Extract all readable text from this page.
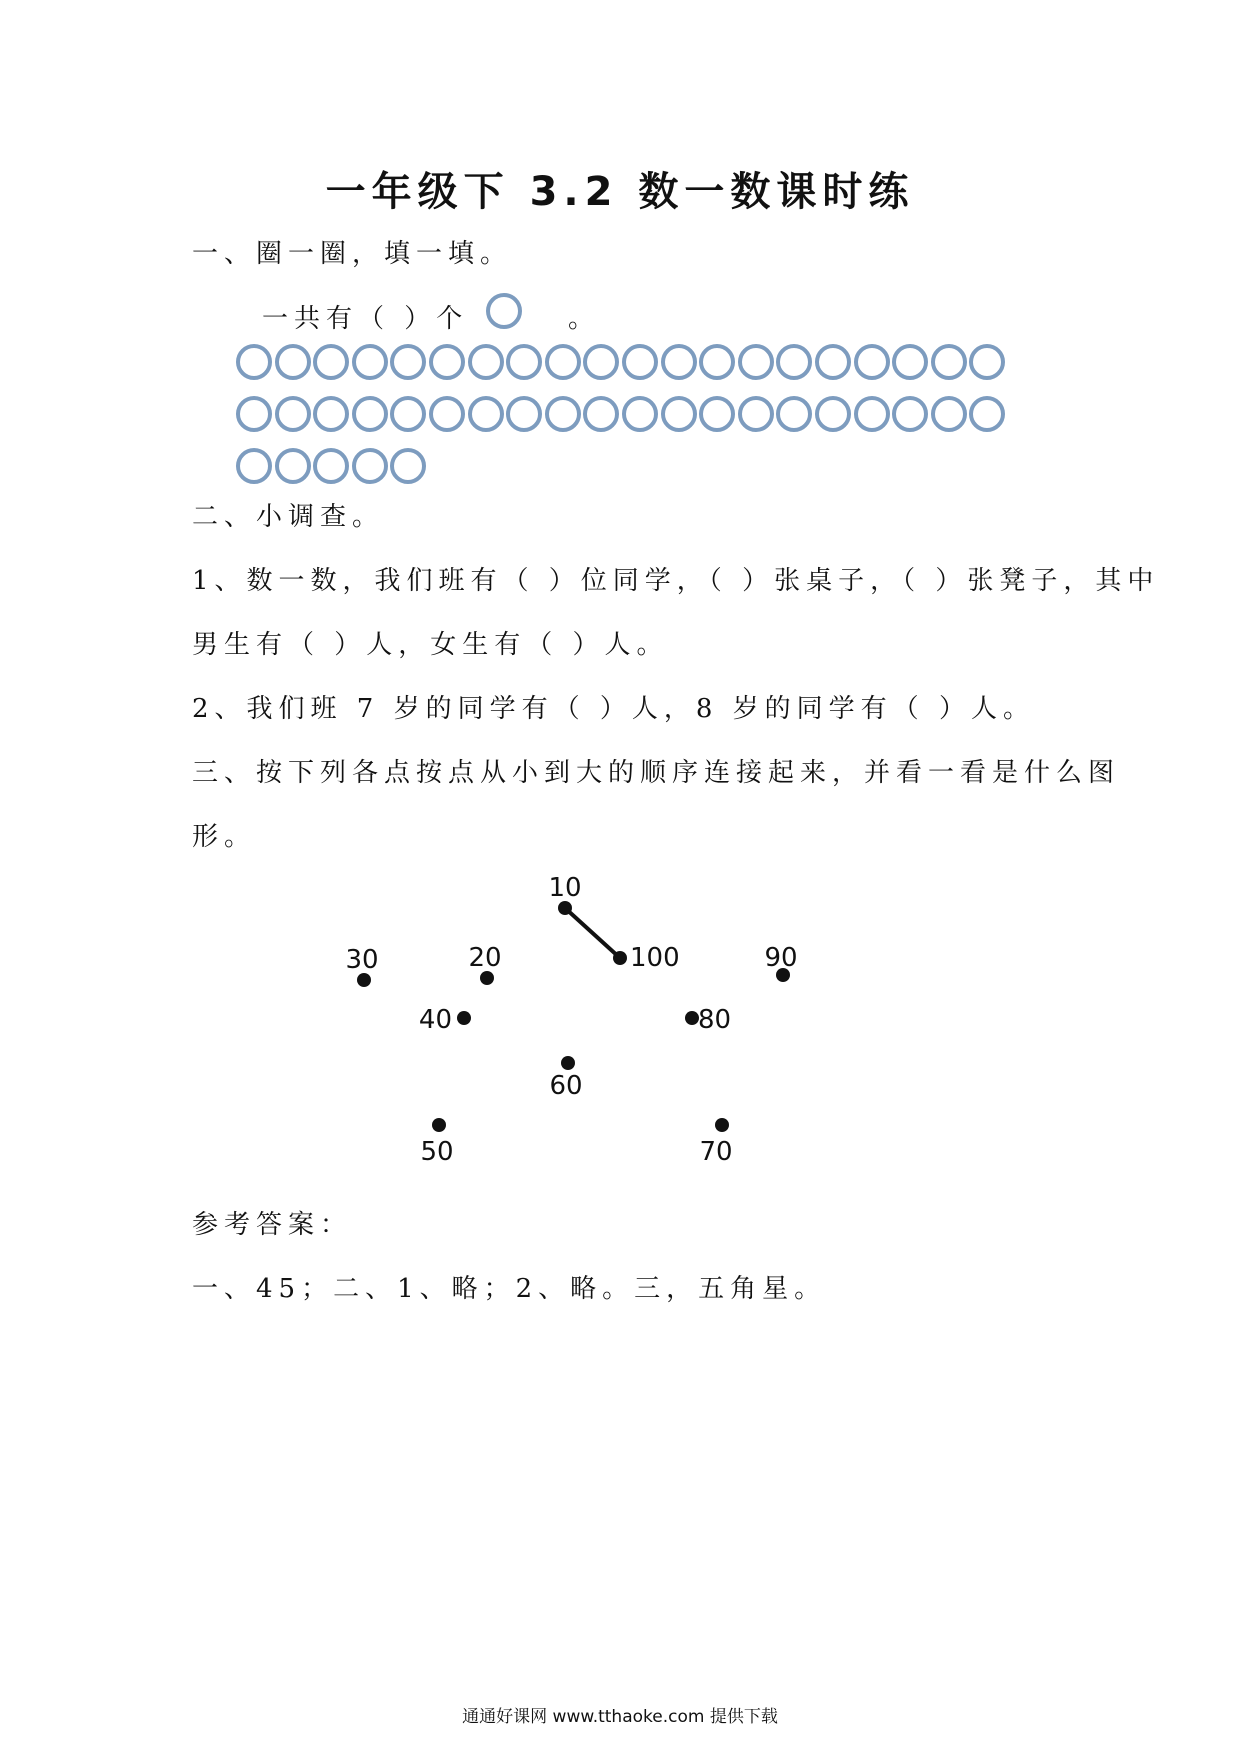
一年级下 3.2 数一数课时练
一、圈一圈，填一填。
一共有（ ）个	。
二、小调查。
1、数一数，我们班有（ ）位同学，（ ）张桌子，（ ）张凳子，其中
男生有（ ）人，女生有（ ）人。
2、我们班 7 岁的同学有（ ）人，8 岁的同学有（ ）人。
三、按下列各点按点从小到大的顺序连接起来，并看一看是什么图
形。
10
20
30
40
50
60
70
80
90
100
参考答案：
一、45；二、1、略；2、略。三，五角星。
通通好课网 www.tthaoke.com 提供下载
